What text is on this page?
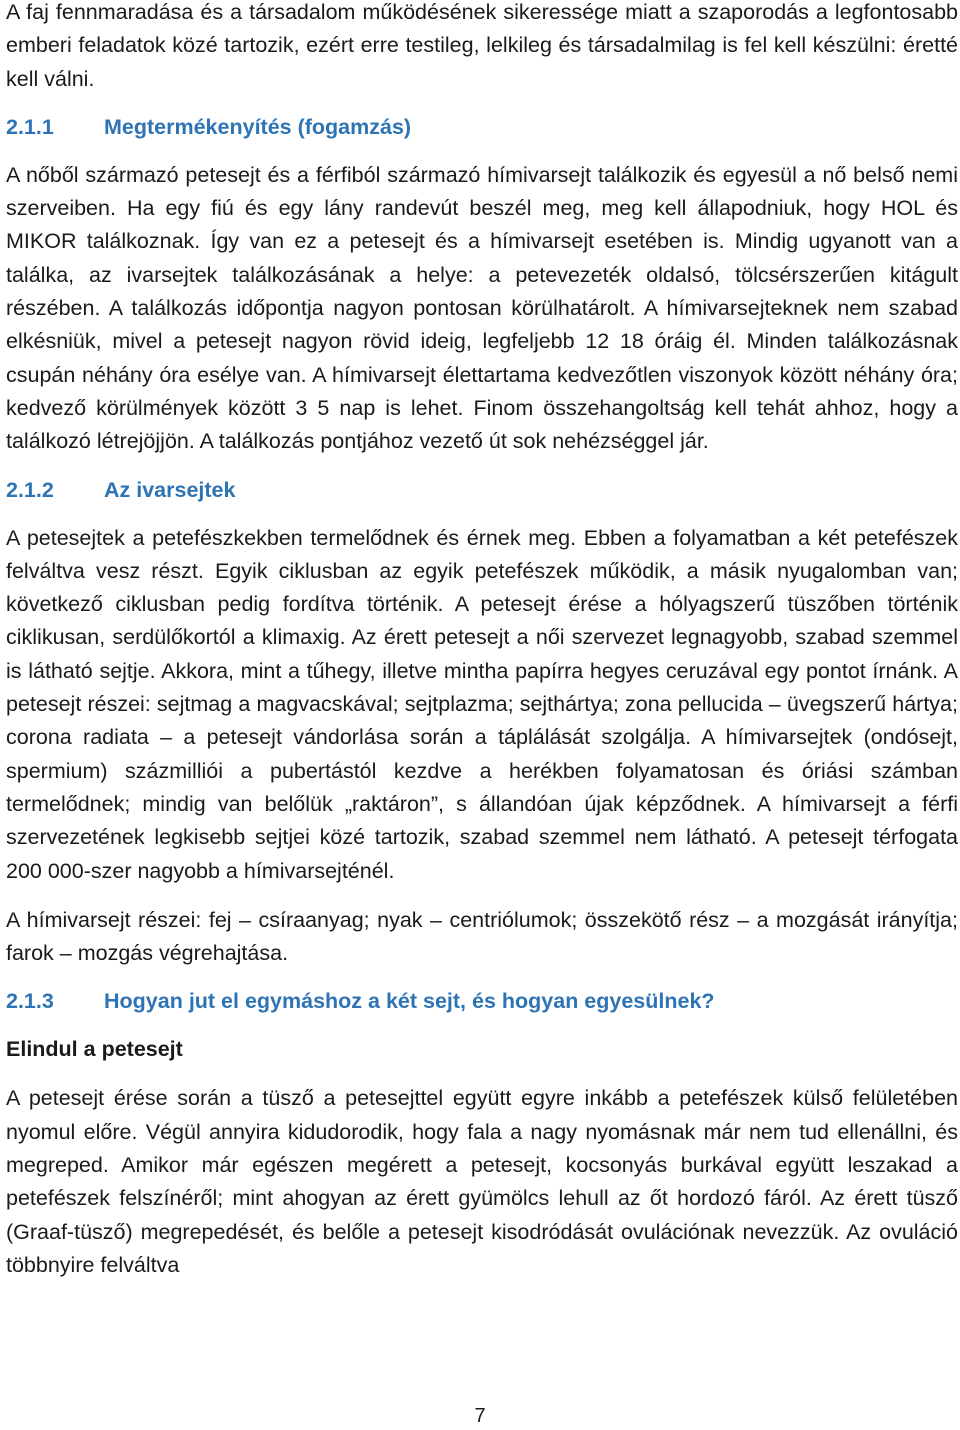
A faj fennmaradása és a társadalom működésének sikeressége miatt a szaporodás a legfontosabb emberi feladatok közé tartozik, ezért erre testileg, lelkileg és társadalmilag is fel kell készülni: éretté kell válni.

2.1.1	Megtermékenyítés (fogamzás)

A nőből származó petesejt és a férfiból származó hímivarsejt találkozik és egyesül a nő belső nemi szerveiben. Ha egy fiú és egy lány randevút beszél meg, meg kell állapodniuk, hogy HOL és MIKOR találkoznak. Így van ez a petesejt és a hímivarsejt esetében is. Mindig ugyanott van a találka, az ivarsejtek találkozásának a helye: a petevezeték oldalsó, tölcsérszerűen kitágult részében. A találkozás időpontja nagyon pontosan körülhatárolt. A hímivarsejteknek nem szabad elkésniük, mivel a petesejt nagyon rövid ideig, legfeljebb 12 18 óráig él. Minden találkozásnak csupán néhány óra esélye van. A hímivarsejt élettartama kedvezőtlen viszonyok között néhány óra; kedvező körülmények között 3 5 nap is lehet. Finom összehangoltság kell tehát ahhoz, hogy a találkozó létrejöjjön. A találkozás pontjához vezető út sok nehézséggel jár.

2.1.2	Az ivarsejtek

A petesejtek a petefészkekben termelődnek és érnek meg. Ebben a folyamatban a két petefészek felváltva vesz részt. Egyik ciklusban az egyik petefészek működik, a másik nyugalomban van; következő ciklusban pedig fordítva történik. A petesejt érése a hólyagszerű tüszőben történik ciklikusan, serdülőkortól a klimaxig. Az érett petesejt a női szervezet legnagyobb, szabad szemmel is látható sejtje. Akkora, mint a tűhegy, illetve mintha papírra hegyes ceruzával egy pontot írnánk. A petesejt részei: sejtmag a magvacskával; sejtplazma; sejthártya; zona pellucida – üvegszerű hártya; corona radiata – a petesejt vándorlása során a táplálását szolgálja. A hímivarsejtek (ondósejt, spermium) százmilliói a pubertástól kezdve a herékben folyamatosan és óriási számban termelődnek; mindig van belőlük „raktáron”, s állandóan újak képződnek. A hímivarsejt a férfi szervezetének legkisebb sejtjei közé tartozik, szabad szemmel nem látható. A petesejt térfogata 200 000-szer nagyobb a hímivarsejténél.

A hímivarsejt részei: fej – csíraanyag; nyak – centriólumok; összekötő rész – a mozgását irányítja; farok – mozgás végrehajtása.

2.1.3	Hogyan jut el egymáshoz a két sejt, és hogyan egyesülnek?
Elindul a petesejt

A petesejt érése során a tüsző a petesejttel együtt egyre inkább a petefészek külső felületében nyomul előre. Végül annyira kidudorodik, hogy fala a nagy nyomásnak már nem tud ellenállni, és megreped. Amikor már egészen megérett a petesejt, kocsonyás burkával együtt leszakad a petefészek felszínéről; mint ahogyan az érett gyümölcs lehull az őt hordozó fáról. Az érett tüsző (Graaf-tüsző) megrepedését, és belőle a petesejt kisodródását ovulációnak nevezzük. Az ovuláció többnyire felváltva

7
